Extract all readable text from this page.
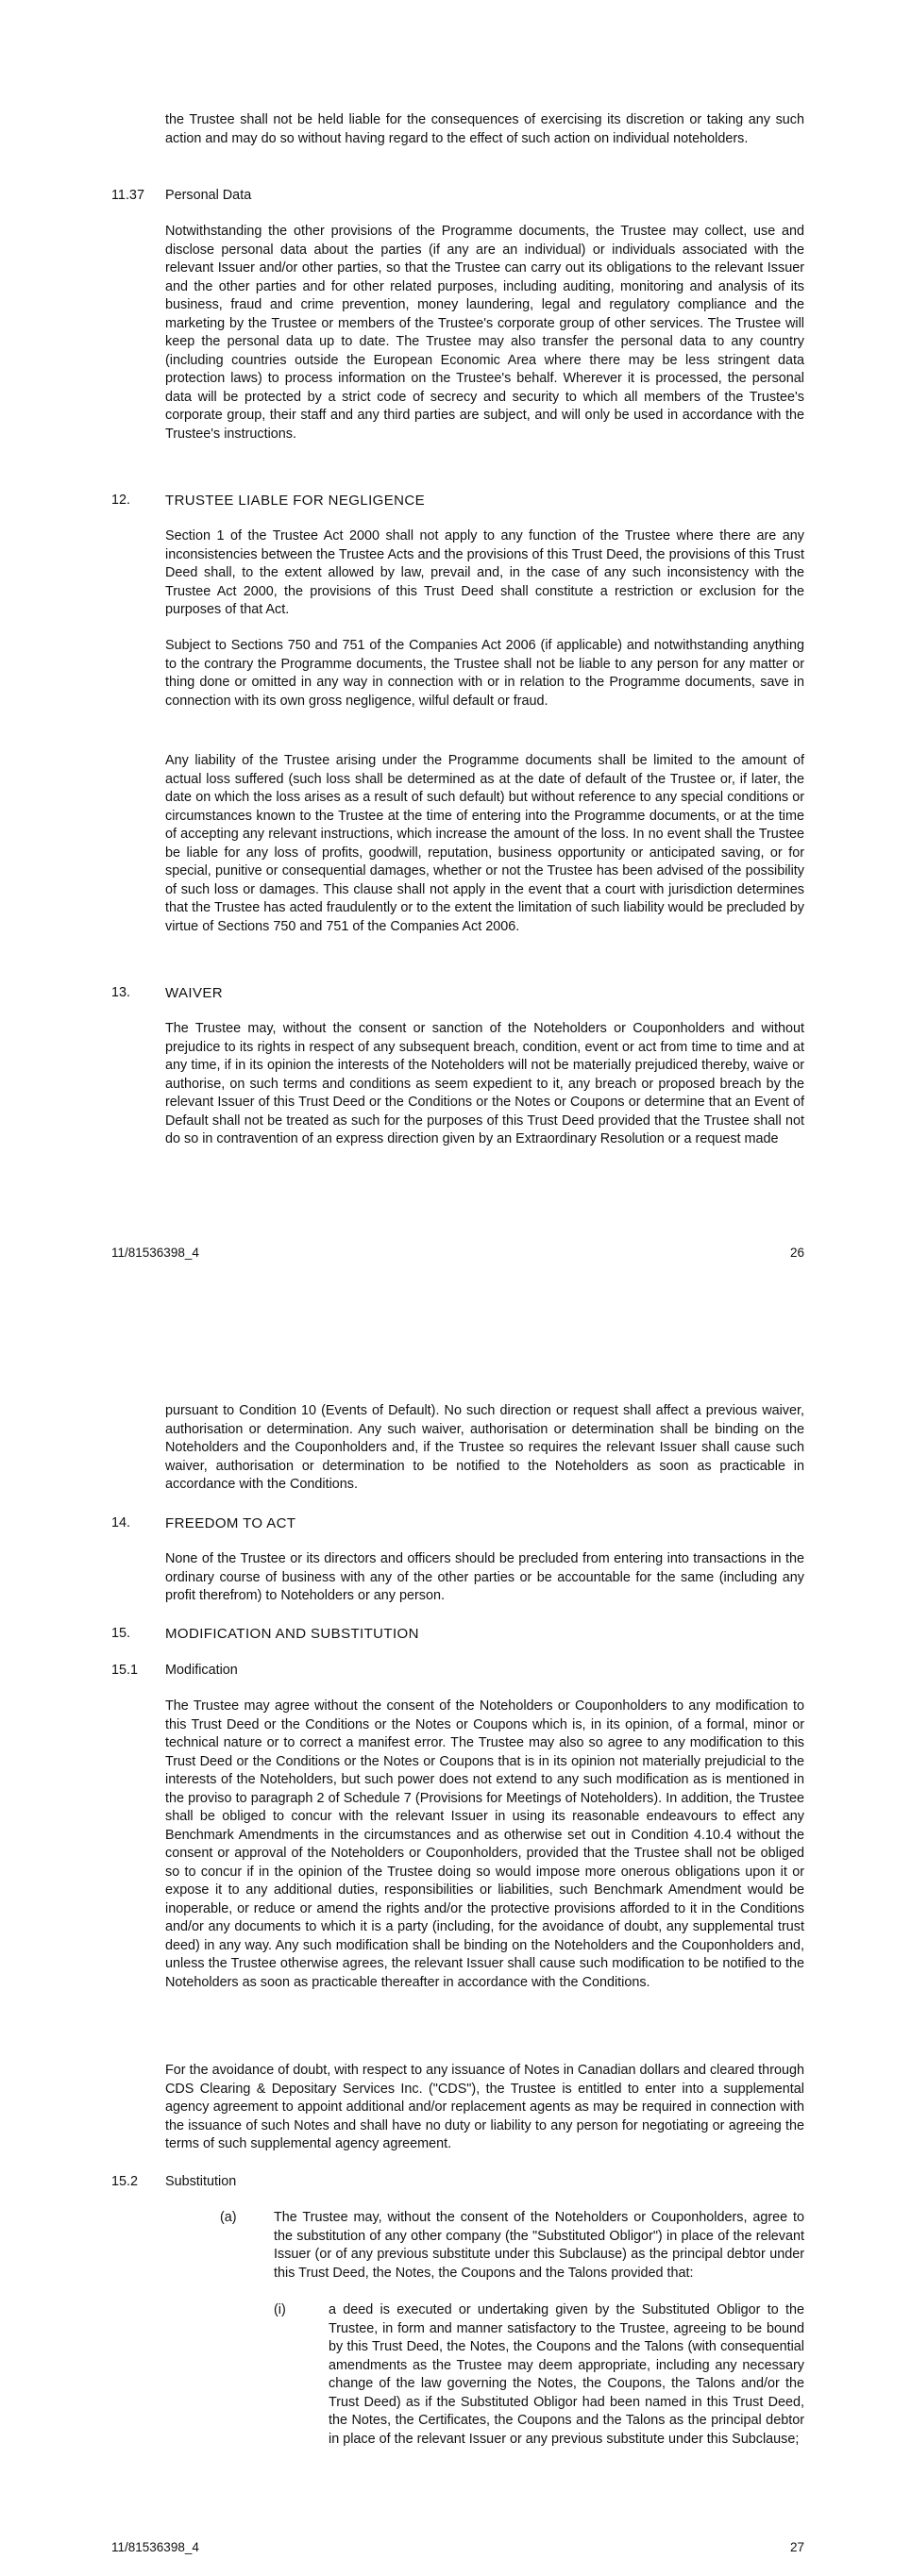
the Trustee shall not be held liable for the consequences of exercising its discretion or taking any such action and may do so without having regard to the effect of such action on individual noteholders.

11.37 Personal Data

Notwithstanding the other provisions of the Programme documents, the Trustee may collect, use and disclose personal data about the parties (if any are an individual) or individuals associated with the relevant Issuer and/or other parties, so that the Trustee can carry out its obligations to the relevant Issuer and the other parties and for other related purposes, including auditing, monitoring and analysis of its business, fraud and crime prevention, money laundering, legal and regulatory compliance and the marketing by the Trustee or members of the Trustee's corporate group of other services. The Trustee will keep the personal data up to date. The Trustee may also transfer the personal data to any country (including countries outside the European Economic Area where there may be less stringent data protection laws) to process information on the Trustee's behalf. Wherever it is processed, the personal data will be protected by a strict code of secrecy and security to which all members of the Trustee's corporate group, their staff and any third parties are subject, and will only be used in accordance with the Trustee's instructions.

12. TRUSTEE LIABLE FOR NEGLIGENCE

Section 1 of the Trustee Act 2000 shall not apply to any function of the Trustee where there are any inconsistencies between the Trustee Acts and the provisions of this Trust Deed, the provisions of this Trust Deed shall, to the extent allowed by law, prevail and, in the case of any such inconsistency with the Trustee Act 2000, the provisions of this Trust Deed shall constitute a restriction or exclusion for the purposes of that Act.

Subject to Sections 750 and 751 of the Companies Act 2006 (if applicable) and notwithstanding anything to the contrary the Programme documents, the Trustee shall not be liable to any person for any matter or thing done or omitted in any way in connection with or in relation to the Programme documents, save in connection with its own gross negligence, wilful default or fraud.

Any liability of the Trustee arising under the Programme documents shall be limited to the amount of actual loss suffered (such loss shall be determined as at the date of default of the Trustee or, if later, the date on which the loss arises as a result of such default) but without reference to any special conditions or circumstances known to the Trustee at the time of entering into the Programme documents, or at the time of accepting any relevant instructions, which increase the amount of the loss. In no event shall the Trustee be liable for any loss of profits, goodwill, reputation, business opportunity or anticipated saving, or for special, punitive or consequential damages, whether or not the Trustee has been advised of the possibility of such loss or damages. This clause shall not apply in the event that a court with jurisdiction determines that the Trustee has acted fraudulently or to the extent the limitation of such liability would be precluded by virtue of Sections 750 and 751 of the Companies Act 2006.

13. WAIVER

The Trustee may, without the consent or sanction of the Noteholders or Couponholders and without prejudice to its rights in respect of any subsequent breach, condition, event or act from time to time and at any time, if in its opinion the interests of the Noteholders will not be materially prejudiced thereby, waive or authorise, on such terms and conditions as seem expedient to it, any breach or proposed breach by the relevant Issuer of this Trust Deed or the Conditions or the Notes or Coupons or determine that an Event of Default shall not be treated as such for the purposes of this Trust Deed provided that the Trustee shall not do so in contravention of an express direction given by an Extraordinary Resolution or a request made

11/81536398_4	26

pursuant to Condition 10 (Events of Default). No such direction or request shall affect a previous waiver, authorisation or determination. Any such waiver, authorisation or determination shall be binding on the Noteholders and the Couponholders and, if the Trustee so requires the relevant Issuer shall cause such waiver, authorisation or determination to be notified to the Noteholders as soon as practicable in accordance with the Conditions.

14. FREEDOM TO ACT

None of the Trustee or its directors and officers should be precluded from entering into transactions in the ordinary course of business with any of the other parties or be accountable for the same (including any profit therefrom) to Noteholders or any person.

15. MODIFICATION AND SUBSTITUTION

15.1 Modification

The Trustee may agree without the consent of the Noteholders or Couponholders to any modification to this Trust Deed or the Conditions or the Notes or Coupons which is, in its opinion, of a formal, minor or technical nature or to correct a manifest error. The Trustee may also so agree to any modification to this Trust Deed or the Conditions or the Notes or Coupons that is in its opinion not materially prejudicial to the interests of the Noteholders, but such power does not extend to any such modification as is mentioned in the proviso to paragraph 2 of Schedule 7 (Provisions for Meetings of Noteholders). In addition, the Trustee shall be obliged to concur with the relevant Issuer in using its reasonable endeavours to effect any Benchmark Amendments in the circumstances and as otherwise set out in Condition 4.10.4 without the consent or approval of the Noteholders or Couponholders, provided that the Trustee shall not be obliged so to concur if in the opinion of the Trustee doing so would impose more onerous obligations upon it or expose it to any additional duties, responsibilities or liabilities, such Benchmark Amendment would be inoperable, or reduce or amend the rights and/or the protective provisions afforded to it in the Conditions and/or any documents to which it is a party (including, for the avoidance of doubt, any supplemental trust deed) in any way. Any such modification shall be binding on the Noteholders and the Couponholders and, unless the Trustee otherwise agrees, the relevant Issuer shall cause such modification to be notified to the Noteholders as soon as practicable thereafter in accordance with the Conditions.

For the avoidance of doubt, with respect to any issuance of Notes in Canadian dollars and cleared through CDS Clearing & Depositary Services Inc. ("CDS"), the Trustee is entitled to enter into a supplemental agency agreement to appoint additional and/or replacement agents as may be required in connection with the issuance of such Notes and shall have no duty or liability to any person for negotiating or agreeing the terms of such supplemental agency agreement.

15.2 Substitution

(a)	The Trustee may, without the consent of the Noteholders or Couponholders, agree to the substitution of any other company (the "Substituted Obligor") in place of the relevant Issuer (or of any previous substitute under this Subclause) as the principal debtor under this Trust Deed, the Notes, the Coupons and the Talons provided that:

(i)	a deed is executed or undertaking given by the Substituted Obligor to the Trustee, in form and manner satisfactory to the Trustee, agreeing to be bound by this Trust Deed, the Notes, the Coupons and the Talons (with consequential amendments as the Trustee may deem appropriate, including any necessary change of the law governing the Notes, the Coupons, the Talons and/or the Trust Deed) as if the Substituted Obligor had been named in this Trust Deed, the Notes, the Certificates, the Coupons and the Talons as the principal debtor in place of the relevant Issuer or any previous substitute under this Subclause;

11/81536398_4	27
